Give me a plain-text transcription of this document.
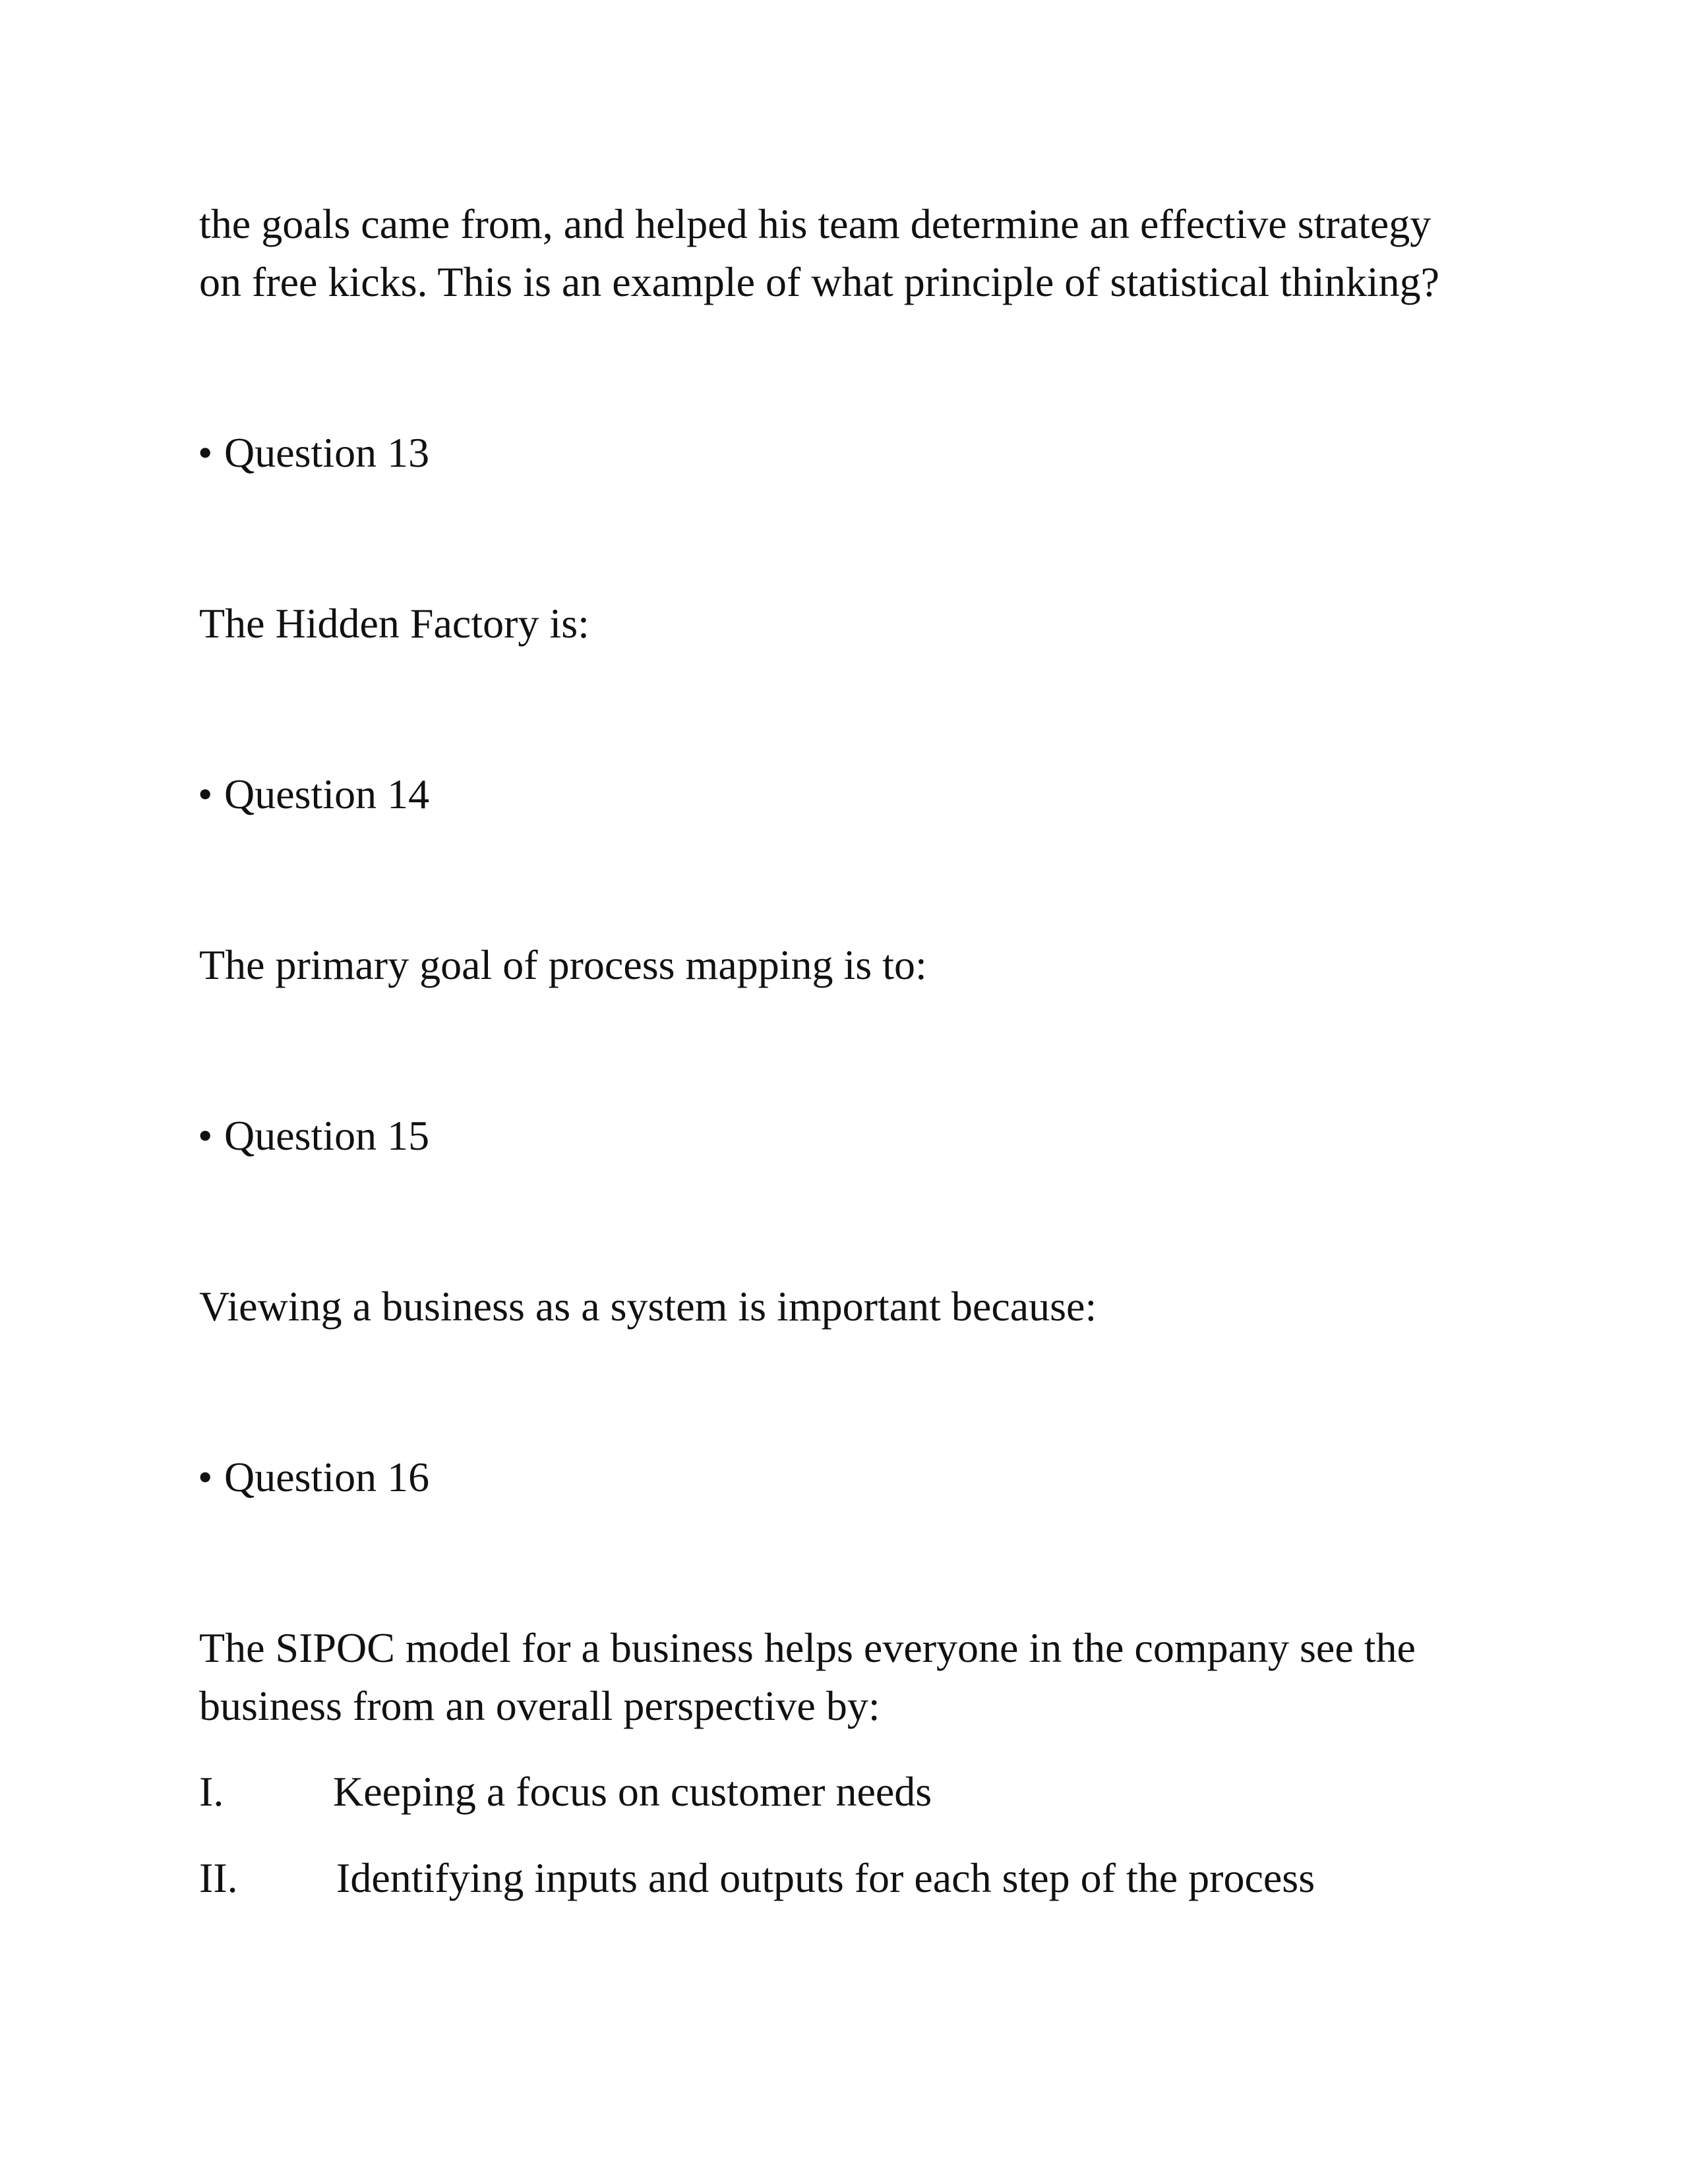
the goals came from, and helped his team determine an effective strategy

on free kicks. This is an example of what principle of statistical thinking?

• Question 13

The Hidden Factory is:

• Question 14

The primary goal of process mapping is to:

• Question 15

Viewing a business as a system is important because:

• Question 16

The SIPOC model for a business helps everyone in the company see the

business from an overall perspective by:

I.	Keeping a focus on customer needs
II. Identifying inputs and outputs for each step of the process
